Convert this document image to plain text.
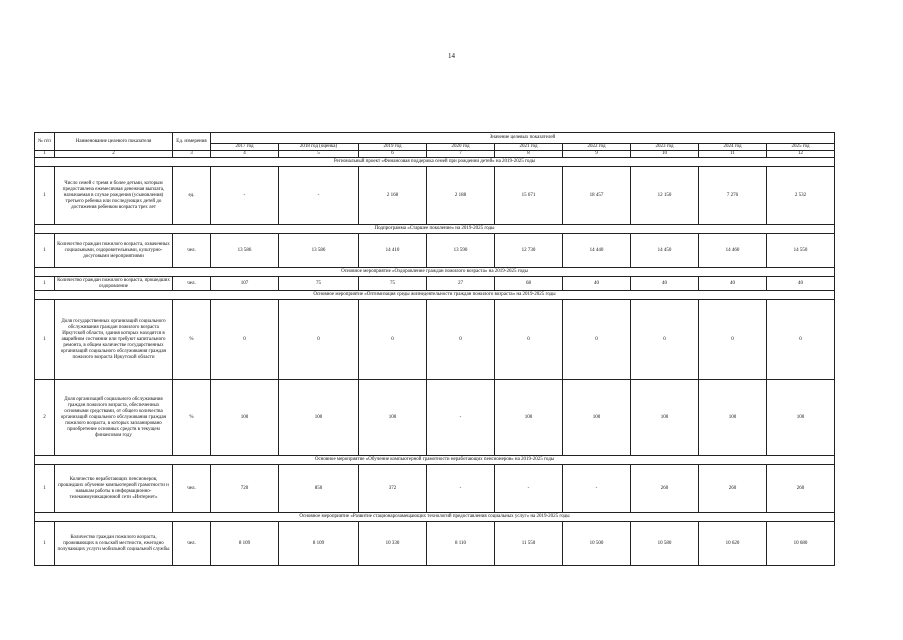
14
№ п/п	Наименование целевого показателя	Ед. измерения	Значение целевых показателей								
			2017 год	2018 год (оценка)	2019 год	2020 год	2021 год	2022 год	2023 год	2024 год	2025 год
1	2	3	4	5	6	7	8	9	10	11	12
Региональный проект «Финансовая поддержка семей при рождении детей» на 2019-2025 годы											
1	Число семей с тремя и более детьми, которым предоставлена ежемесячная денежная выплата, назначаемая в случае рождения (усыновления) третьего ребенка или последующих детей до достижения ребенком возраста трех лет	ед.	-	-	2 168	2 188	15 671	18 457	12 150	7 276	2 532
Подпрограмма «Старшее поколение» на 2019-2025 годы											
1	Количество граждан пожилого возраста, охваченных социальными, оздоровительными, культурно-досуговыми мероприятиями	чел.	13 586	13 586	14 410	13 590	12 730	14 440	14 450	14 460	14 550
Основное мероприятие «Оздоровление граждан пожилого возраста» на 2019-2025 годы											
1	Количество граждан пожилого возраста, прошедших оздоровление	чел.	107	75	75	27	68	40	40	40	40
Основное мероприятие «Оптимизация среды жизнедеятельности граждан пожилого возраста» на 2019-2025 годы											
1	Доля государственных организаций социального обслуживания граждан пожилого возраста Иркутской области, здания которых находятся в аварийном состоянии или требуют капитального ремонта, в общем количестве государственных организаций социального обслуживания граждан пожилого возраста Иркутской области	%	0	0	0	0	0	0	0	0	0
2	Доля организаций социального обслуживания граждан пожилого возраста, обеспеченных основными средствами, от общего количества организаций социального обслуживания граждан пожилого возраста, в которых запланировано приобретение основных средств в текущем финансовом году	%	100	100	100	-	100	100	100	100	100
Основное мероприятие «Обучение компьютерной грамотности неработающих пенсионеров» на 2019-2025 годы											
1	Количество неработающих пенсионеров, прошедших обучение компьютерной грамотности и навыкам работы в информационно-телекоммуникационной сети «Интернет»	чел.	720	850	372	-	-	-	260	260	260
Основное мероприятие «Развитие стационарозамещающих технологий предоставления социальных услуг» на 2019-2025 годы											
1	Количество граждан пожилого возраста, проживающих в сельской местности, ежегодно получающих услуги мобильной социальной службы	чел.	8 109	8 109	10 330	8 110	11 550	10 500	10 580	10 620	10 680
